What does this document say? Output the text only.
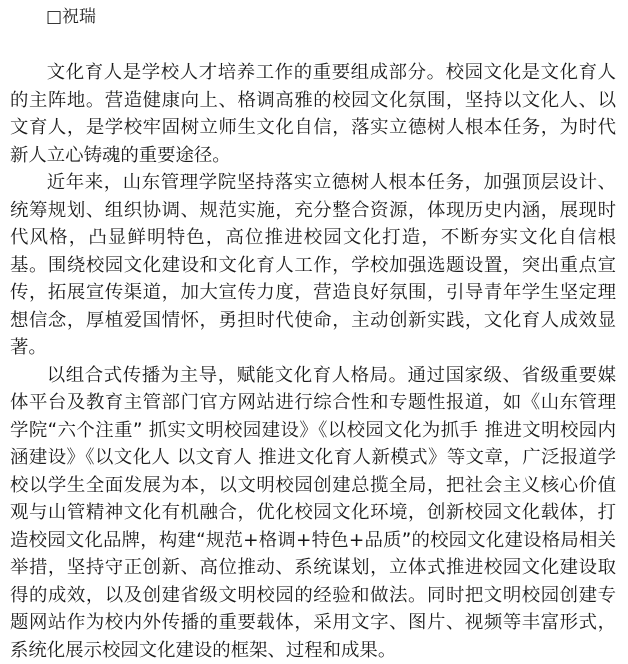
□祝瑞

文化育人是学校人才培养工作的重要组成部分。校园文化是文化育人的主阵地。营造健康向上、格调高雅的校园文化氛围，坚持以文化人、以文育人，是学校牢固树立师生文化自信，落实立德树人根本任务，为时代新人立心铸魂的重要途径。

近年来，山东管理学院坚持落实立德树人根本任务，加强顶层设计、统筹规划、组织协调、规范实施，充分整合资源，体现历史内涵，展现时代风格，凸显鲜明特色，高位推进校园文化打造，不断夯实文化自信根基。围绕校园文化建设和文化育人工作，学校加强选题设置，突出重点宣传，拓展宣传渠道，加大宣传力度，营造良好氛围，引导青年学生坚定理想信念，厚植爱国情怀，勇担时代使命，主动创新实践，文化育人成效显著。

以组合式传播为主导，赋能文化育人格局。通过国家级、省级重要媒体平台及教育主管部门官方网站进行综合性和专题性报道，如《山东管理学院“六个注重” 抓实文明校园建设》《以校园文化为抓手 推进文明校园内涵建设》《以文化人 以文育人 推进文化育人新模式》等文章，广泛报道学校以学生全面发展为本，以文明校园创建总揽全局，把社会主义核心价值观与山管精神文化有机融合，优化校园文化环境，创新校园文化载体，打造校园文化品牌，构建“规范+格调+特色+品质”的校园文化建设格局相关举措，坚持守正创新、高位推动、系统谋划，立体式推进校园文化建设取得的成效，以及创建省级文明校园的经验和做法。同时把文明校园创建专题网站作为校内外传播的重要载体，采用文字、图片、视频等丰富形式，系统化展示校园文化建设的框架、过程和成果。
